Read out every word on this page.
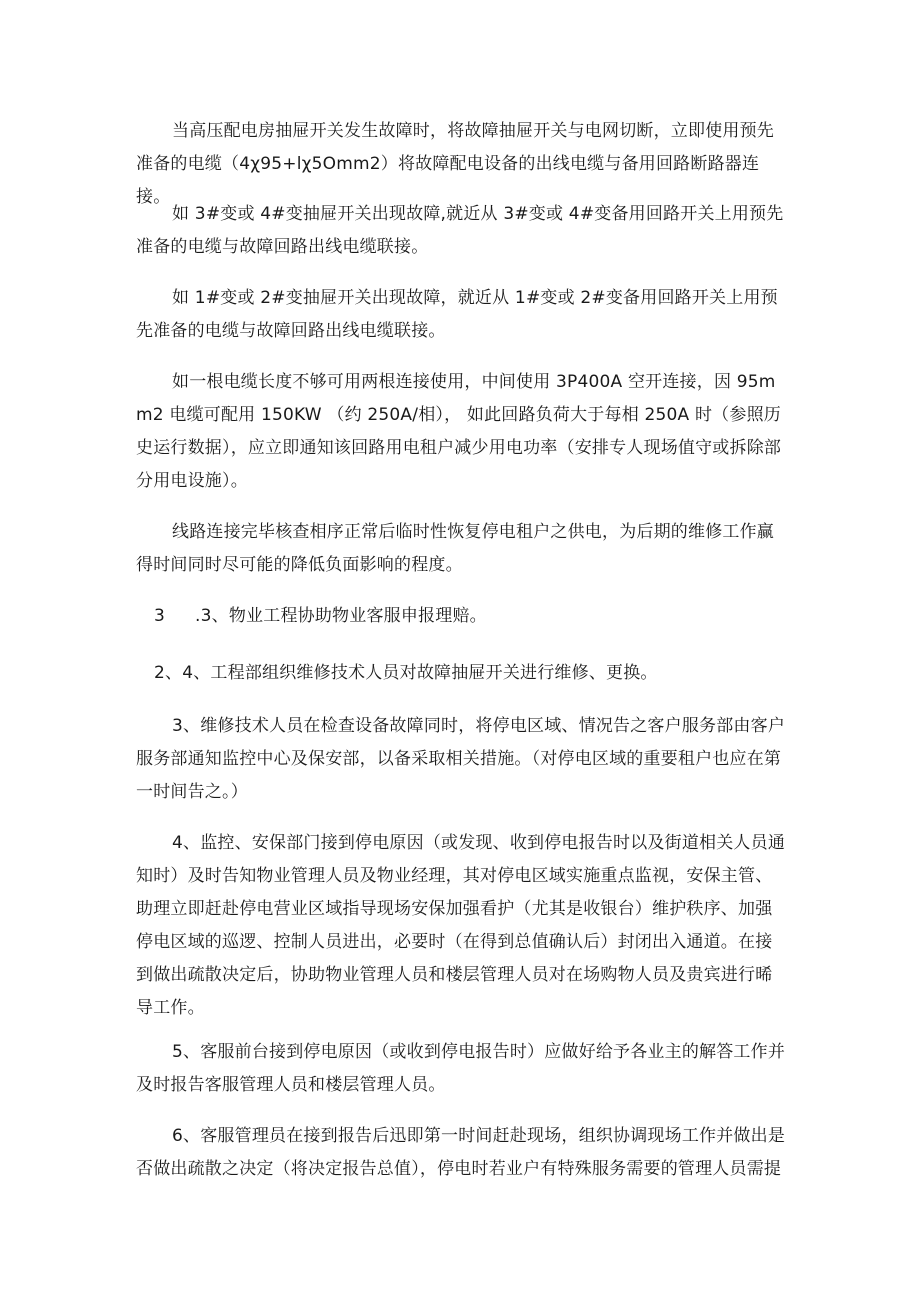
当高压配电房抽屉开关发生故障时，将故障抽屉开关与电网切断，立即使用预先准备的电缆（4χ95+lχ5Omm2）将故障配电设备的出线电缆与备用回路断路器连接。

如 3#变或 4#变抽屉开关出现故障,就近从 3#变或 4#变备用回路开关上用预先准备的电缆与故障回路出线电缆联接。

如 1#变或 2#变抽屉开关出现故障，就近从 1#变或 2#变备用回路开关上用预先准备的电缆与故障回路出线电缆联接。

如一根电缆长度不够可用两根连接使用，中间使用 3P400A 空开连接，因 95mm2 电缆可配用 150KW （约 250A/相）， 如此回路负荷大于每相 250A 时（参照历史运行数据），应立即通知该回路用电租户减少用电功率（安排专人现场值守或拆除部分用电设施）。

线路连接完毕核查相序正常后临时性恢复停电租户之供电，为后期的维修工作赢得时间同时尽可能的降低负面影响的程度。

3 .3、物业工程协助物业客服申报理赔。

2、4、工程部组织维修技术人员对故障抽屉开关进行维修、更换。

3、维修技术人员在检查设备故障同时，将停电区域、情况告之客户服务部由客户服务部通知监控中心及保安部，以备采取相关措施。（对停电区域的重要租户也应在第一时间告之。）

4、监控、安保部门接到停电原因（或发现、收到停电报告时以及街道相关人员通知时）及时告知物业管理人员及物业经理，其对停电区域实施重点监视，安保主管、助理立即赶赴停电营业区域指导现场安保加强看护（尤其是收银台）维护秩序、加强停电区域的巡逻、控制人员进出，必要时（在得到总值确认后）封闭出入通道。在接到做出疏散决定后，协助物业管理人员和楼层管理人员对在场购物人员及贵宾进行晞导工作。

5、客服前台接到停电原因（或收到停电报告时）应做好给予各业主的解答工作并及时报告客服管理人员和楼层管理人员。

6、客服管理员在接到报告后迅即第一时间赶赴现场，组织协调现场工作并做出是否做出疏散之决定（将决定报告总值），停电时若业户有特殊服务需要的管理人员需提
